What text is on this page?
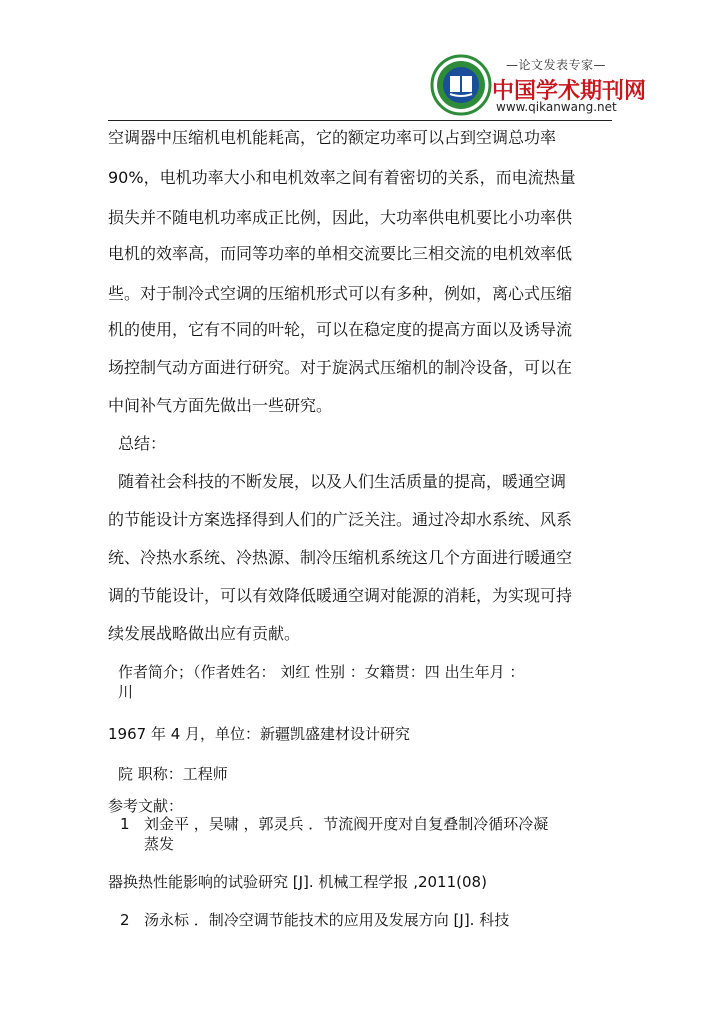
—论文发表专家—
中国学术期刊网
www.qikanwang.net
空调器中压缩机电机能耗高，它的额定功率可以占到空调总功率
90%，电机功率大小和电机效率之间有着密切的关系，而电流热量
损失并不随电机功率成正比例，因此，大功率供电机要比小功率供
电机的效率高，而同等功率的单相交流要比三相交流的电机效率低
些。对于制冷式空调的压缩机形式可以有多种，例如，离心式压缩
机的使用，它有不同的叶轮，可以在稳定度的提高方面以及诱导流
场控制气动方面进行研究。对于旋涡式压缩机的制冷设备，可以在
中间补气方面先做出一些研究。
总结：
随着社会科技的不断发展，以及人们生活质量的提高，暖通空调
的节能设计方案选择得到人们的广泛关注。通过冷却水系统、风系
统、冷热水系统、冷热源、制冷压缩机系统这几个方面进行暖通空
调的节能设计，可以有效降低暖通空调对能源的消耗，为实现可持
续发展战略做出应有贡献。
作者简介；（作者姓名： 刘红 性别 ：女籍贯：四 出生年月 ：
川
1967 年 4 月，单位：新疆凯盛建材设计研究
院 职称：工程师
参考文献：
1 刘金平 ，吴啸 ，郭灵兵 ．节流阀开度对自复叠制冷循环冷凝
蒸发
器换热性能影响的试验研究 [J]. 机械工程学报 ,2011(08)
2 汤永标 ．制冷空调节能技术的应用及发展方向 [J]. 科技
